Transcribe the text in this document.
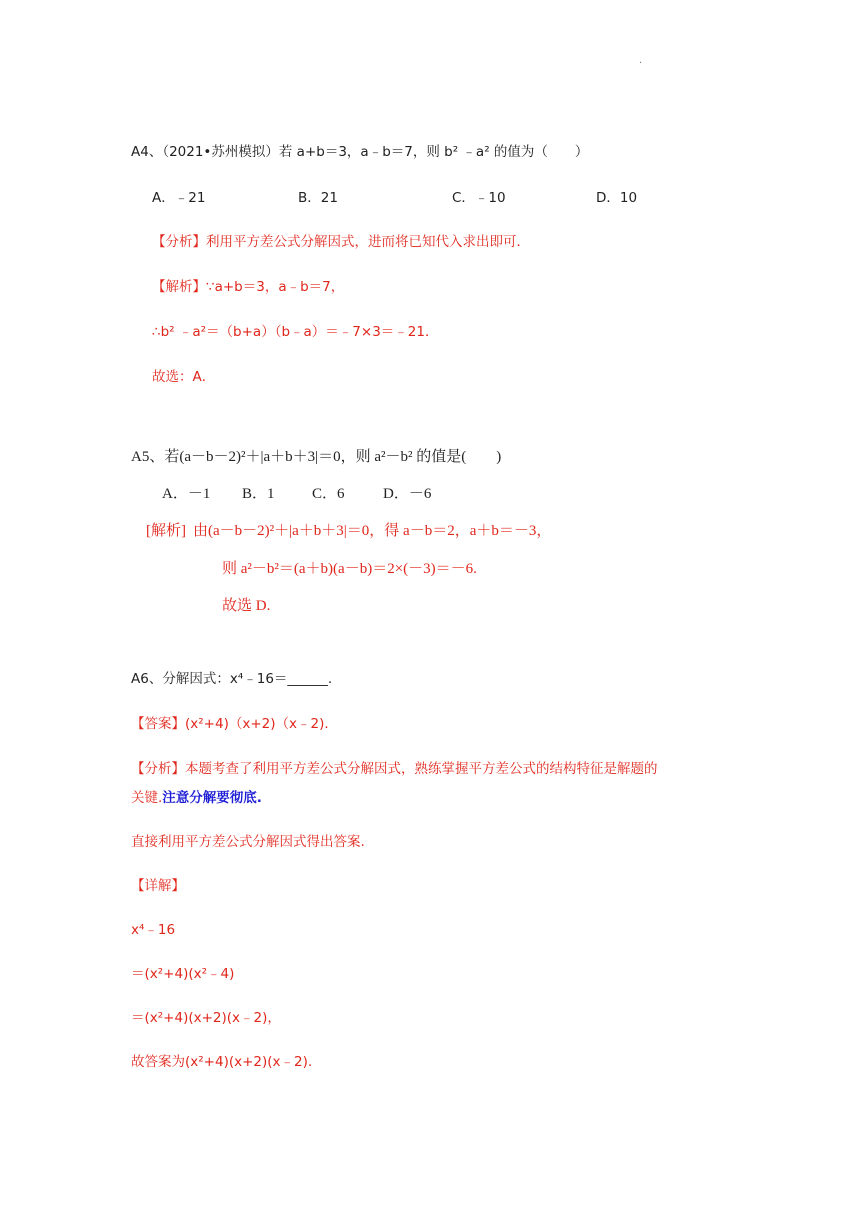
·
A4、（2021•苏州模拟）若 a+b＝3，a﹣b＝7，则 b² ﹣a² 的值为（　　）
A．﹣21	B．21	C．﹣10	D．10
【分析】利用平方差公式分解因式，进而将已知代入求出即可．
【解析】∵a+b＝3，a﹣b＝7，
∴b² ﹣a²＝（b+a）（b﹣a）＝﹣7×3＝﹣21．
故选：A．
A5、若(a－b－2)²＋|a＋b＋3|＝0，则 a²－b² 的值是(　　)
A．－1 B．1 C．6	D．－6
[解析] 由(a－b－2)²＋|a＋b＋3|＝0，得 a－b＝2，a＋b＝－3，
则 a²－b²＝(a＋b)(a－b)＝2×(－3)＝－6.
故选 D.
A6、分解因式：x⁴﹣16＝______.
【答案】(x²+4)（x+2)（x﹣2)．
【分析】本题考查了利用平方差公式分解因式，熟练掌握平方差公式的结构特征是解题的
关键.注意分解要彻底.
直接利用平方差公式分解因式得出答案.
【详解】
x⁴﹣16
＝(x²+4)(x²﹣4)
＝(x²+4)(x+2)(x﹣2)，
故答案为(x²+4)(x+2)(x﹣2).
